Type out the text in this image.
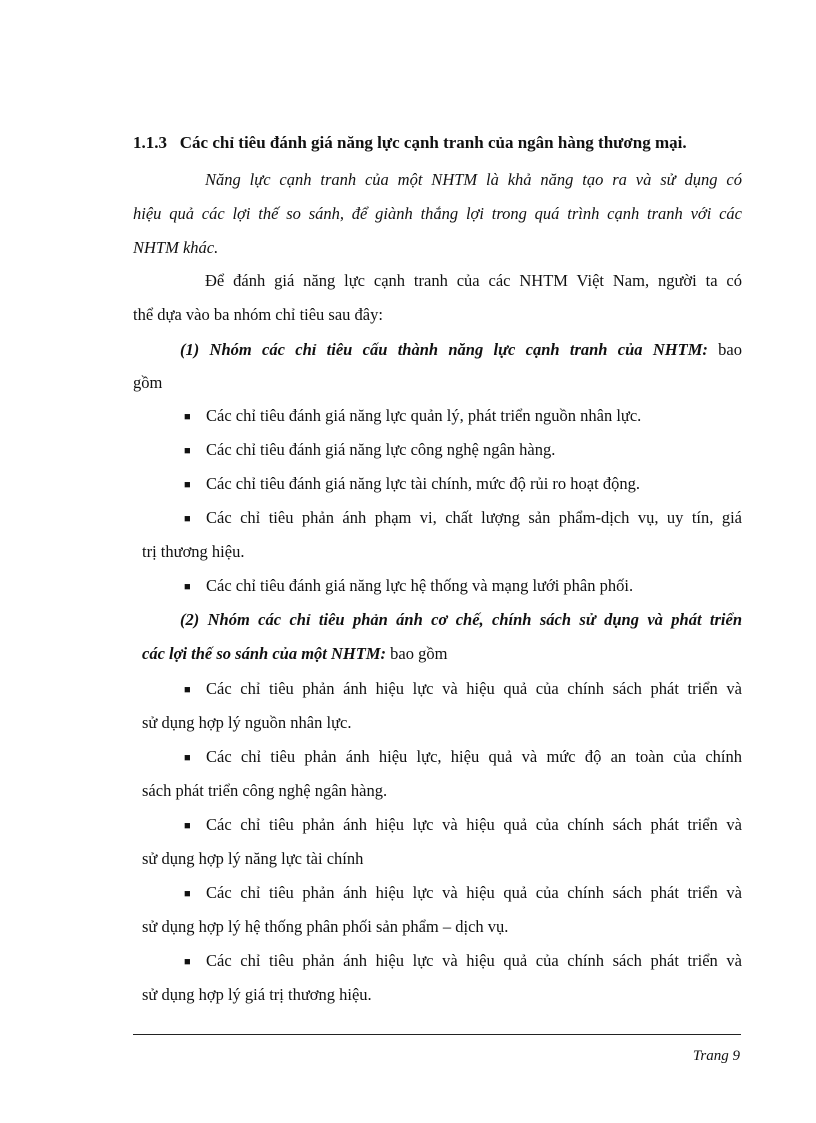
1.1.3 Các chỉ tiêu đánh giá năng lực cạnh tranh của ngân hàng thương mại.
Năng lực cạnh tranh của một NHTM là khả năng tạo ra và sử dụng có
hiệu quả các lợi thế so sánh, để giành thắng lợi trong quá trình cạnh tranh với các
NHTM khác.
Để đánh giá năng lực cạnh tranh của các NHTM Việt Nam, người ta có
thể dựa vào ba nhóm chỉ tiêu sau đây:
(1) Nhóm các chỉ tiêu cấu thành năng lực cạnh tranh của NHTM: bao
gồm
■ Các chỉ tiêu đánh giá năng lực quản lý, phát triển nguồn nhân lực.
■ Các chỉ tiêu đánh giá năng lực công nghệ ngân hàng.
■ Các chỉ tiêu đánh giá năng lực tài chính, mức độ rủi ro hoạt động.
■ Các chỉ tiêu phản ánh phạm vi, chất lượng sản phẩm-dịch vụ, uy tín, giá
trị thương hiệu.
■ Các chỉ tiêu đánh giá năng lực hệ thống và mạng lưới phân phối.
(2) Nhóm các chỉ tiêu phản ánh cơ chế, chính sách sử dụng và phát triển
các lợi thế so sánh của một NHTM: bao gồm
■ Các chỉ tiêu phản ánh hiệu lực và hiệu quả của chính sách phát triển và
sử dụng hợp lý nguồn nhân lực.
■ Các chỉ tiêu phản ánh hiệu lực, hiệu quả và mức độ an toàn của chính
sách phát triển công nghệ ngân hàng.
■ Các chỉ tiêu phản ánh hiệu lực và hiệu quả của chính sách phát triển và
sử dụng hợp lý năng lực tài chính
■ Các chỉ tiêu phản ánh hiệu lực và hiệu quả của chính sách phát triển và
sử dụng hợp lý hệ thống phân phối sản phẩm – dịch vụ.
■ Các chỉ tiêu phản ánh hiệu lực và hiệu quả của chính sách phát triển và
sử dụng hợp lý giá trị thương hiệu.
Trang 9
